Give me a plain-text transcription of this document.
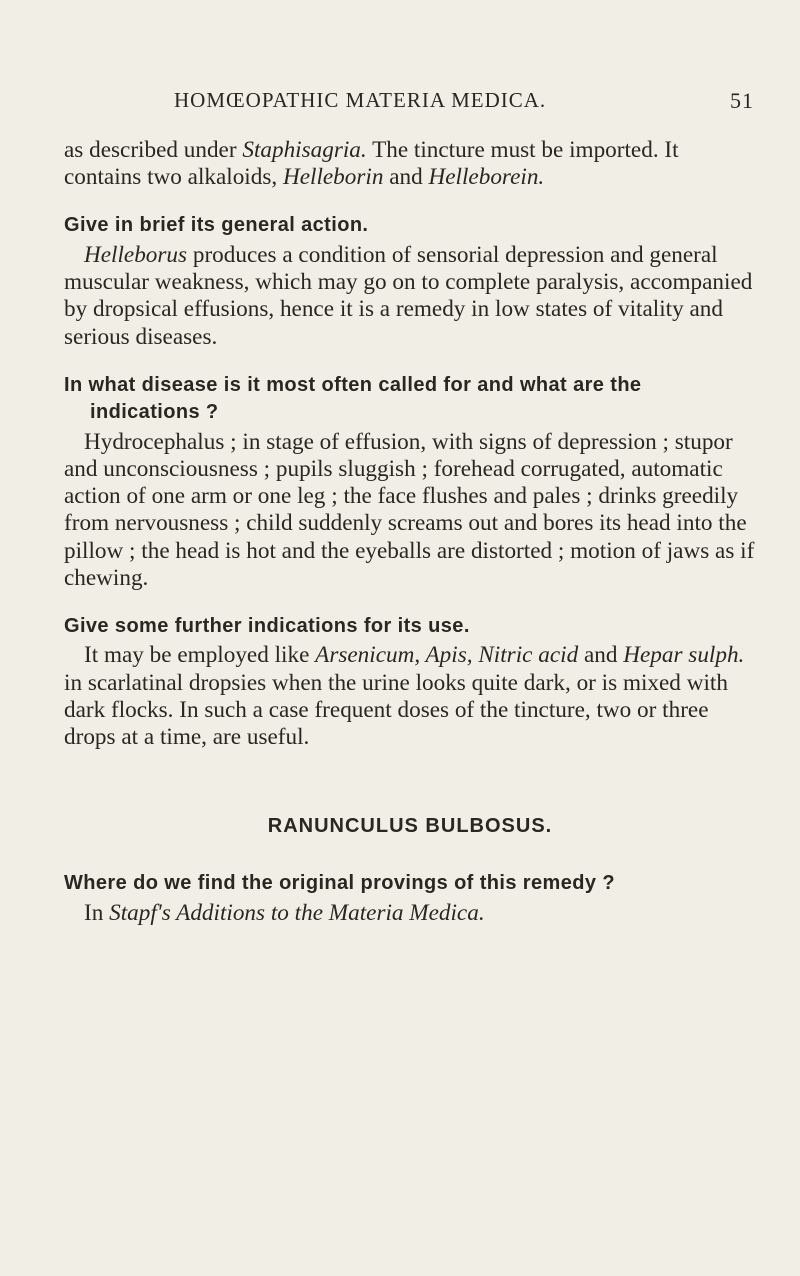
HOMŒOPATHIC MATERIA MEDICA.	51

as described under Staphisagria. The tincture must be imported. It contains two alkaloids, Helleborin and Helleborein.

Give in brief its general action.

Helleborus produces a condition of sensorial depression and general muscular weakness, which may go on to complete paralysis, accompanied by dropsical effusions, hence it is a remedy in low states of vitality and serious diseases.

In what disease is it most often called for and what are the indications ?

Hydrocephalus ; in stage of effusion, with signs of depression ; stupor and unconsciousness ; pupils sluggish ; forehead corrugated, automatic action of one arm or one leg ; the face flushes and pales ; drinks greedily from nervousness ; child suddenly screams out and bores its head into the pillow ; the head is hot and the eyeballs are distorted ; motion of jaws as if chewing.

Give some further indications for its use.

It may be employed like Arsenicum, Apis, Nitric acid and Hepar sulph. in scarlatinal dropsies when the urine looks quite dark, or is mixed with dark flocks. In such a case frequent doses of the tincture, two or three drops at a time, are useful.

RANUNCULUS BULBOSUS.

Where do we find the original provings of this remedy ?

In Stapf's Additions to the Materia Medica.
